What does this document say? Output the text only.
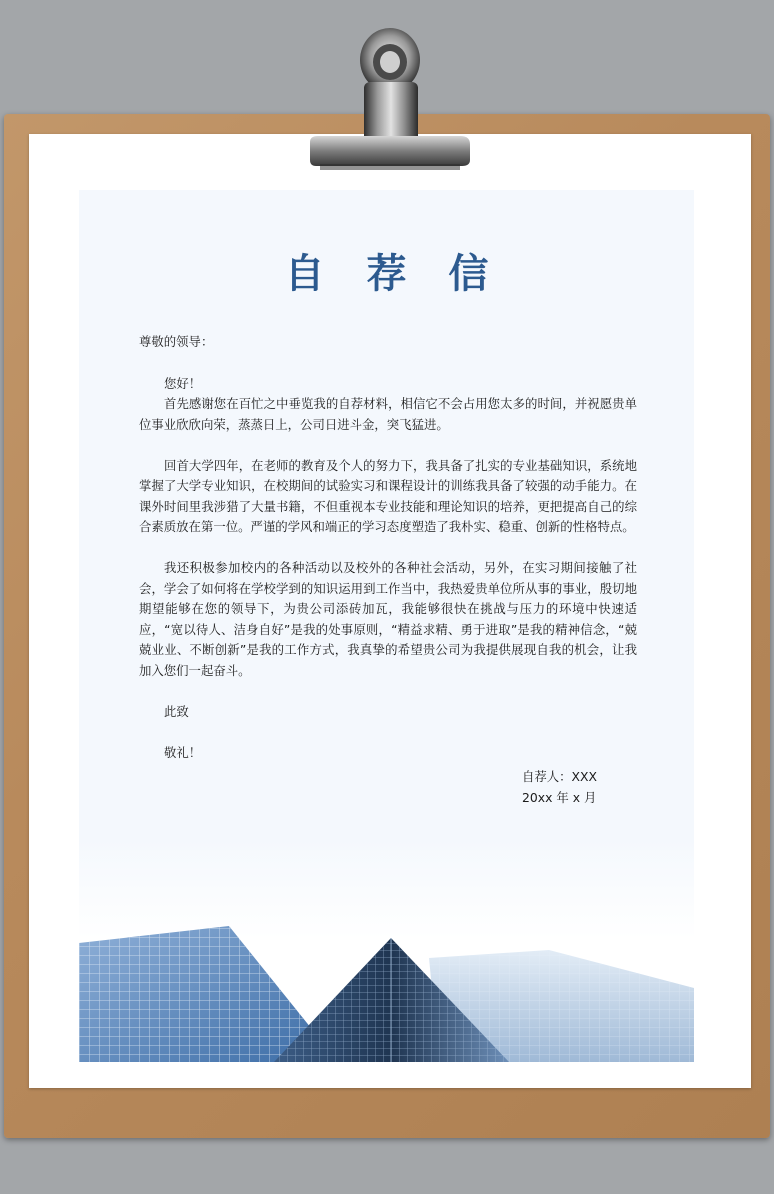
自 荐 信
尊敬的领导：

您好！

首先感谢您在百忙之中垂览我的自荐材料，相信它不会占用您太多的时间，并祝愿贵单位事业欣欣向荣，蒸蒸日上，公司日进斗金，突飞猛进。

回首大学四年，在老师的教育及个人的努力下，我具备了扎实的专业基础知识，系统地掌握了大学专业知识，在校期间的试验实习和课程设计的训练我具备了较强的动手能力。在课外时间里我涉猎了大量书籍，不但重视本专业技能和理论知识的培养，更把提高自己的综合素质放在第一位。严谨的学风和端正的学习态度塑造了我朴实、稳重、创新的性格特点。

我还积极参加校内的各种活动以及校外的各种社会活动，另外，在实习期间接触了社会，学会了如何将在学校学到的知识运用到工作当中，我热爱贵单位所从事的事业，殷切地期望能够在您的领导下，为贵公司添砖加瓦，我能够很快在挑战与压力的环境中快速适应，“宽以待人、洁身自好”是我的处事原则，“精益求精、勇于进取”是我的精神信念，“兢兢业业、不断创新”是我的工作方式，我真挚的希望贵公司为我提供展现自我的机会，让我加入您们一起奋斗。

此致

敬礼！

自荐人：XXX
20xx 年 x 月
